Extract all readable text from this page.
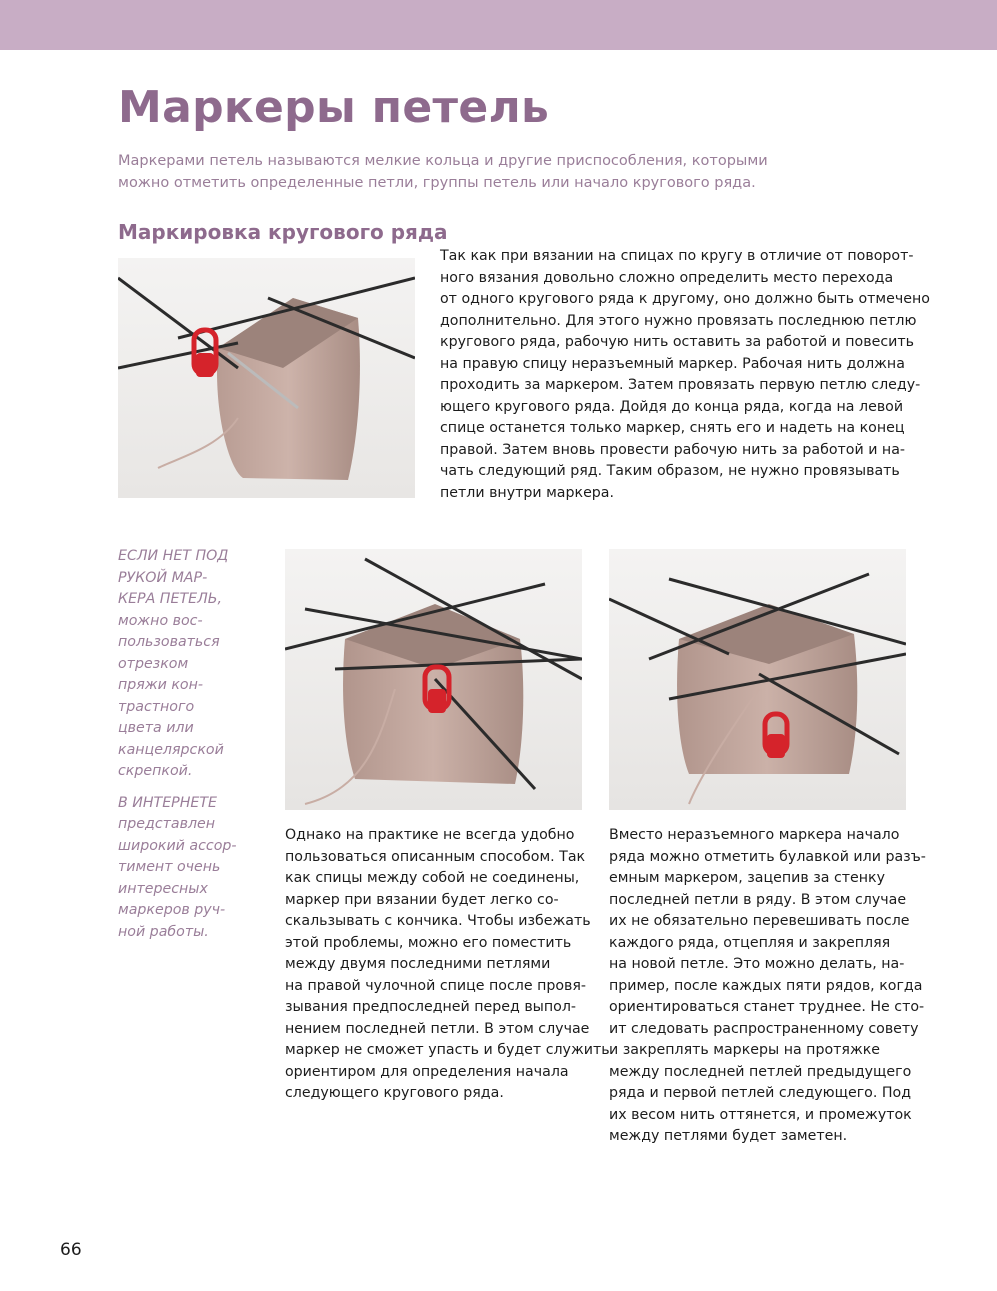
Маркеры петель

Маркерами петель называются мелкие кольца и другие приспособления, которыми
можно отметить определенные петли, группы петель или начало кругового ряда.

Маркировка кругового ряда

Так как при вязании на спицах по кругу в отличие от поворот-
ного вязания довольно сложно определить место перехода
от одного кругового ряда к другому, оно должно быть отмечено
дополнительно. Для этого нужно провязать последнюю петлю
кругового ряда, рабочую нить оставить за работой и повесить
на правую спицу неразъемный маркер. Рабочая нить должна
проходить за маркером. Затем провязать первую петлю следу-
ющего кругового ряда. Дойдя до конца ряда, когда на левой
спице останется только маркер, снять его и надеть на конец
правой. Затем вновь провести рабочую нить за работой и на-
чать следующий ряд. Таким образом, не нужно провязывать
петли внутри маркера.

ЕСЛИ НЕТ ПОД
РУКОЙ МАР-
КЕРА ПЕТЕЛЬ,
можно вос-
пользоваться
отрезком
пряжи кон-
трастного
цвета или
канцелярской
скрепкой.

В ИНТЕРНЕТЕ
представлен
широкий ассор-
тимент очень
интересных
маркеров руч-
ной работы.

Однако на практике не всегда удобно
пользоваться описанным способом. Так
как спицы между собой не соединены,
маркер при вязании будет легко со-
скальзывать с кончика. Чтобы избежать
этой проблемы, можно его поместить
между двумя последними петлями
на правой чулочной спице после провя-
зывания предпоследней перед выпол-
нением последней петли. В этом случае
маркер не сможет упасть и будет служить
ориентиром для определения начала
следующего кругового ряда.

Вместо неразъемного маркера начало
ряда можно отметить булавкой или разъ-
емным маркером, зацепив за стенку
последней петли в ряду. В этом случае
их не обязательно перевешивать после
каждого ряда, отцепляя и закрепляя
на новой петле. Это можно делать, на-
пример, после каждых пяти рядов, когда
ориентироваться станет труднее. Не сто-
ит следовать распространенному совету
и закреплять маркеры на протяжке
между последней петлей предыдущего
ряда и первой петлей следующего. Под
их весом нить оттянется, и промежуток
между петлями будет заметен.

66
